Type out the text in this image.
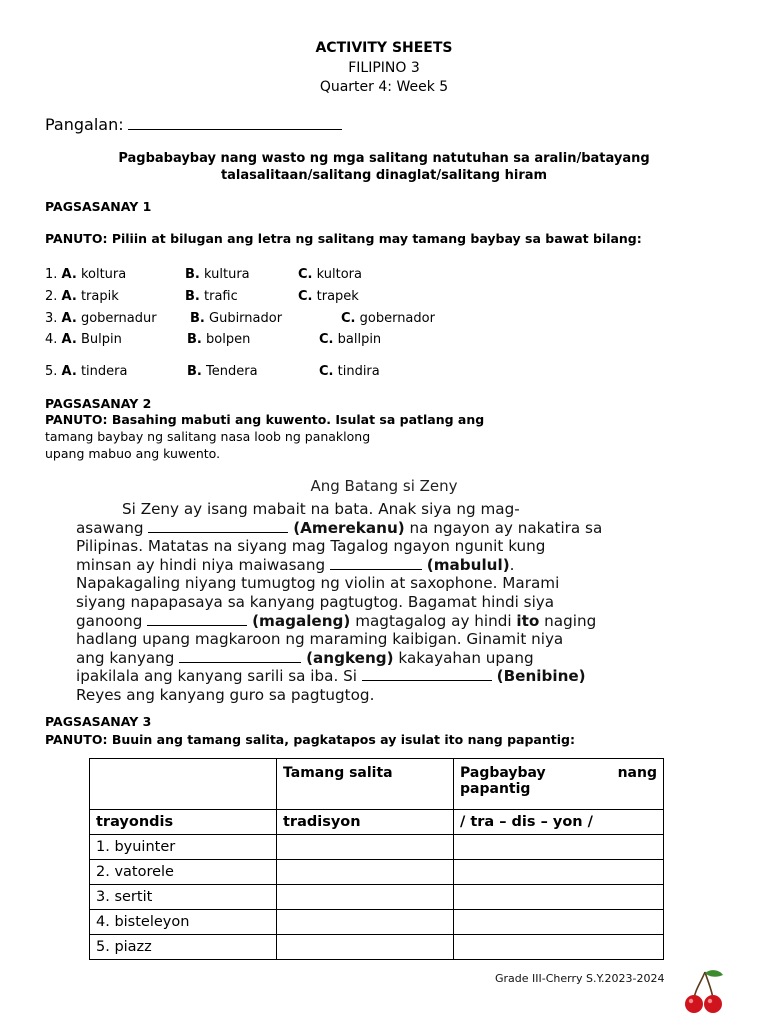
ACTIVITY SHEETS
FILIPINO 3
Quarter 4: Week 5
Pangalan:
Pagbabaybay nang wasto ng mga salitang natutuhan sa aralin/batayang
talasalitaan/salitang dinaglat/salitang hiram
PAGSASANAY 1
PANUTO: Piliin at bilugan ang letra ng salitang may tamang baybay sa bawat bilang:
1. A. koltura	B. kultura	C. kultora
2. A. trapik	B. trafic	C. trapek
3. A. gobernadur	B. Gubirnador	C. gobernador
4. A. Bulpin	B. bolpen	C. ballpin
5. A. tindera	B. Tendera	C. tindira
PAGSASANAY 2
PANUTO: Basahing mabuti ang kuwento. Isulat sa patlang ang
tamang baybay ng salitang nasa loob ng panaklong
upang mabuo ang kuwento.
Ang Batang si Zeny
Si Zeny ay isang mabait na bata. Anak siya ng mag-
asawang	(Amerekanu) na ngayon ay nakatira sa
Pilipinas. Matatas na siyang mag Tagalog ngayon ngunit kung
minsan ay hindi niya maiwasang	(mabulul).
Napakagaling niyang tumugtog ng violin at saxophone. Marami
siyang napapasaya sa kanyang pagtugtog. Bagamat hindi siya
ganoong	(magaleng) magtagalog ay hindi ito naging
hadlang upang magkaroon ng maraming kaibigan. Ginamit niya
ang kanyang	(angkeng) kakayahan upang
ipakilala ang kanyang sarili sa iba. Si	(Benibine)
Reyes ang kanyang guro sa pagtugtog.
PAGSASANAY 3
PANUTO: Buuin ang tamang salita, pagkatapos ay isulat ito nang papantig:
	Tamang salita	Pagbaybay nang
papantig

trayondis	tradisyon	/ tra – dis – yon /
1. byuinter		
2. vatorele		
3. sertit		
4. bisteleyon		
5. piazz		
Grade III-Cherry S.Y.2023-2024
